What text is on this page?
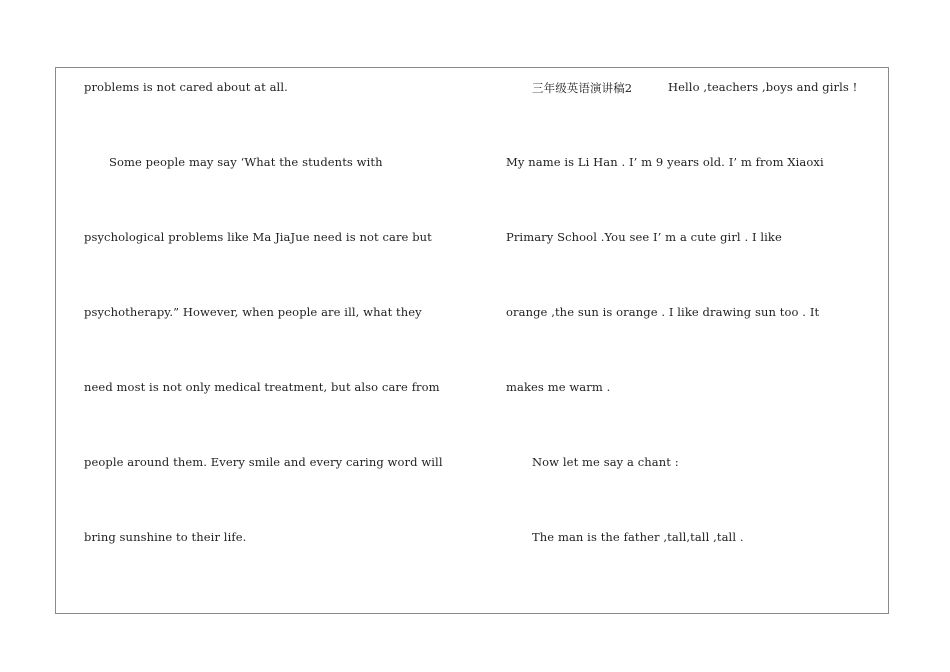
problems is not cared about at all.
Some people may say ‘What the students with
psychological problems like Ma JiaJue need is not care but
psychotherapy.” However, when people are ill, what they
need most is not only medical treatment, but also care from
people around them. Every smile and every caring word will
bring sunshine to their life.
三年级英语演讲稿2	Hello ,teachers ,boys and girls !
My name is Li Han . I’ m 9 years old. I’ m from Xiaoxi
Primary School .You see I’ m a cute girl . I like
orange ,the sun is orange . I like drawing sun too . It
makes me warm .
Now let me say a chant :
The man is the father ,tall,tall ,tall .
